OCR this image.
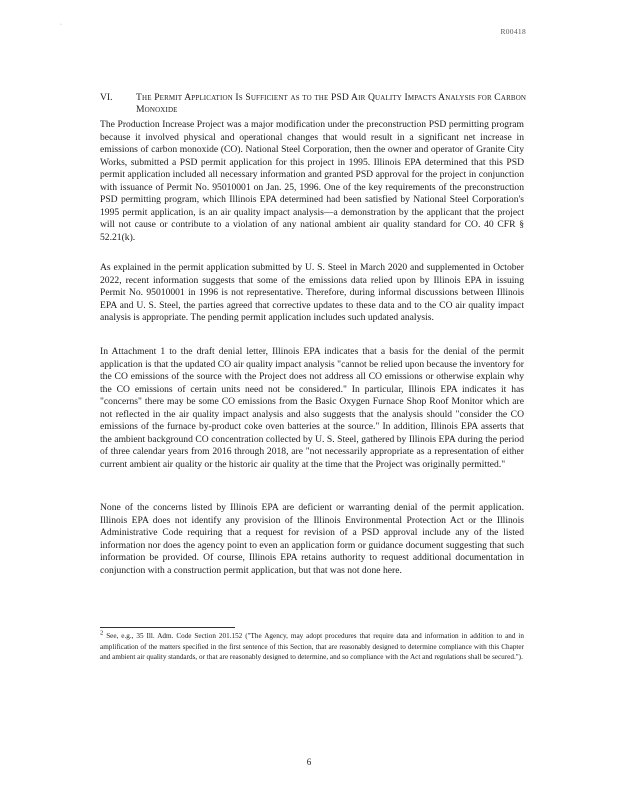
·
R00418
VI. The Permit Application Is Sufficient as to the PSD Air Quality Impacts Analysis for Carbon Monoxide

The Production Increase Project was a major modification under the preconstruction PSD permitting program because it involved physical and operational changes that would result in a significant net increase in emissions of carbon monoxide (CO). National Steel Corporation, then the owner and operator of Granite City Works, submitted a PSD permit application for this project in 1995. Illinois EPA determined that this PSD permit application included all necessary information and granted PSD approval for the project in conjunction with issuance of Permit No. 95010001 on Jan. 25, 1996. One of the key requirements of the preconstruction PSD permitting program, which Illinois EPA determined had been satisfied by National Steel Corporation's 1995 permit application, is an air quality impact analysis—a demonstration by the applicant that the project will not cause or contribute to a violation of any national ambient air quality standard for CO. 40 CFR § 52.21(k).

As explained in the permit application submitted by U. S. Steel in March 2020 and supplemented in October 2022, recent information suggests that some of the emissions data relied upon by Illinois EPA in issuing Permit No. 95010001 in 1996 is not representative. Therefore, during informal discussions between Illinois EPA and U. S. Steel, the parties agreed that corrective updates to these data and to the CO air quality impact analysis is appropriate. The pending permit application includes such updated analysis.

In Attachment 1 to the draft denial letter, Illinois EPA indicates that a basis for the denial of the permit application is that the updated CO air quality impact analysis "cannot be relied upon because the inventory for the CO emissions of the source with the Project does not address all CO emissions or otherwise explain why the CO emissions of certain units need not be considered." In particular, Illinois EPA indicates it has "concerns" there may be some CO emissions from the Basic Oxygen Furnace Shop Roof Monitor which are not reflected in the air quality impact analysis and also suggests that the analysis should "consider the CO emissions of the furnace by-product coke oven batteries at the source." In addition, Illinois EPA asserts that the ambient background CO concentration collected by U. S. Steel, gathered by Illinois EPA during the period of three calendar years from 2016 through 2018, are "not necessarily appropriate as a representation of either current ambient air quality or the historic air quality at the time that the Project was originally permitted."

None of the concerns listed by Illinois EPA are deficient or warranting denial of the permit application. Illinois EPA does not identify any provision of the Illinois Environmental Protection Act or the Illinois Administrative Code requiring that a request for revision of a PSD approval include any of the listed information nor does the agency point to even an application form or guidance document suggesting that such information be provided. Of course, Illinois EPA retains authority to request additional documentation in conjunction with a construction permit application, but that was not done here.

$^2$ See, e.g., 35 Ill. Adm. Code Section 201.152 ("The Agency, may adopt procedures that require data and information in addition to and in amplification of the matters specified in the first sentence of this Section, that are reasonably designed to determine compliance with this Chapter and ambient air quality standards, or that are reasonably designed to determine, and so compliance with the Act and regulations shall be secured.").
6
